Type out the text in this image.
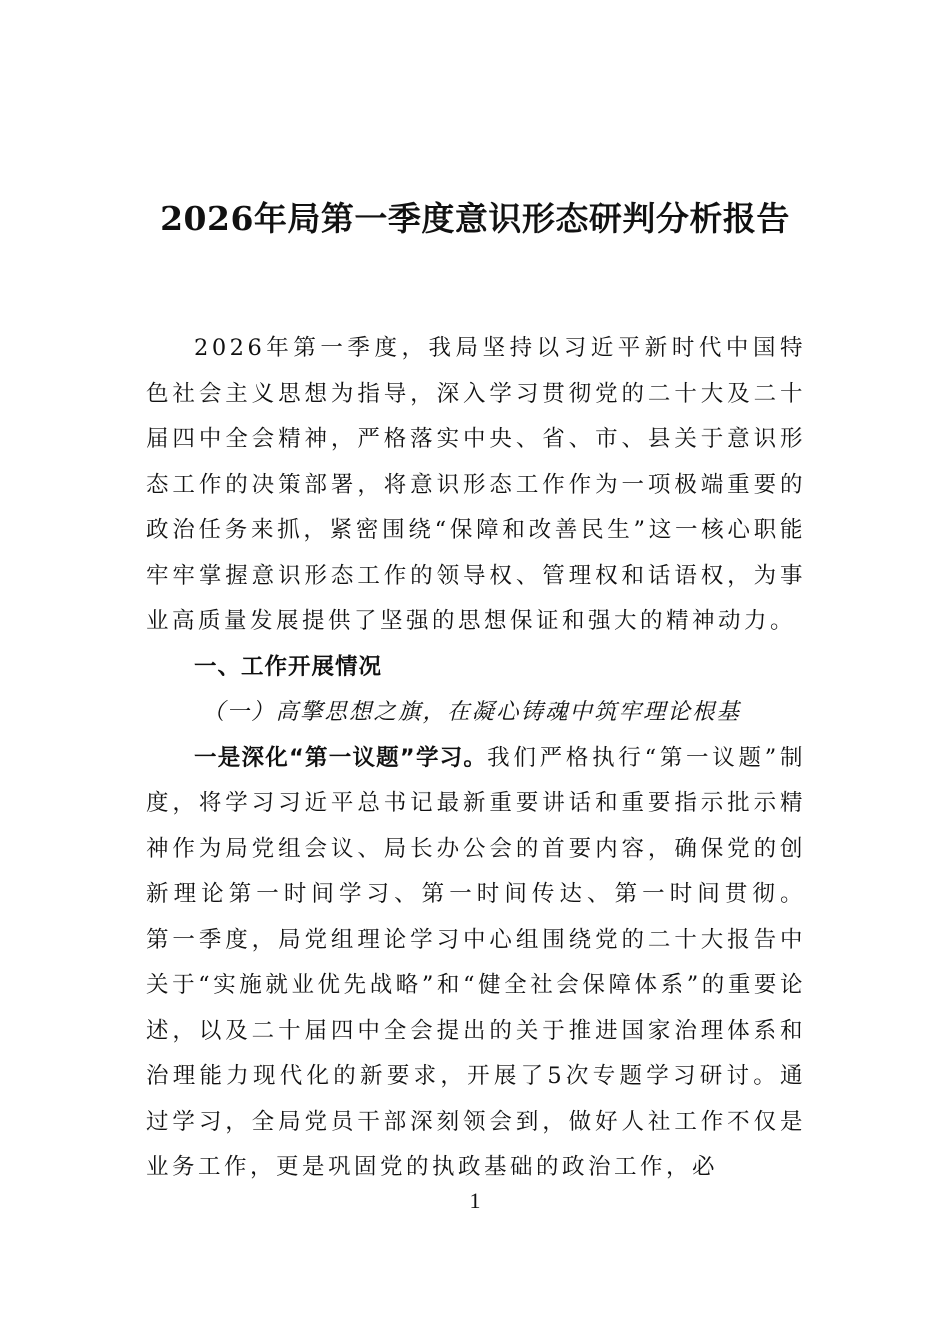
2026年局第一季度意识形态研判分析报告

2026年第一季度，我局坚持以习近平新时代中国特色社会主义思想为指导，深入学习贯彻党的二十大及二十届四中全会精神，严格落实中央、省、市、县关于意识形态工作的决策部署，将意识形态工作作为一项极端重要的政治任务来抓，紧密围绕“保障和改善民生”这一核心职能牢牢掌握意识形态工作的领导权、管理权和话语权，为事业高质量发展提供了坚强的思想保证和强大的精神动力。

一、工作开展情况

（一）高擎思想之旗，在凝心铸魂中筑牢理论根基

一是深化“第一议题”学习。我们严格执行“第一议题”制度，将学习习近平总书记最新重要讲话和重要指示批示精神作为局党组会议、局长办公会的首要内容，确保党的创新理论第一时间学习、第一时间传达、第一时间贯彻。 第一季度，局党组理论学习中心组围绕党的二十大报告中关于“实施就业优先战略”和“健全社会保障体系”的重要论述，以及二十届四中全会提出的关于推进国家治理体系和治理能力现代化的新要求，开展了5次专题学习研讨。通过学习，全局党员干部深刻领会到，做好人社工作不仅是业务工作，更是巩固党的执政基础的政治工作，必

1
